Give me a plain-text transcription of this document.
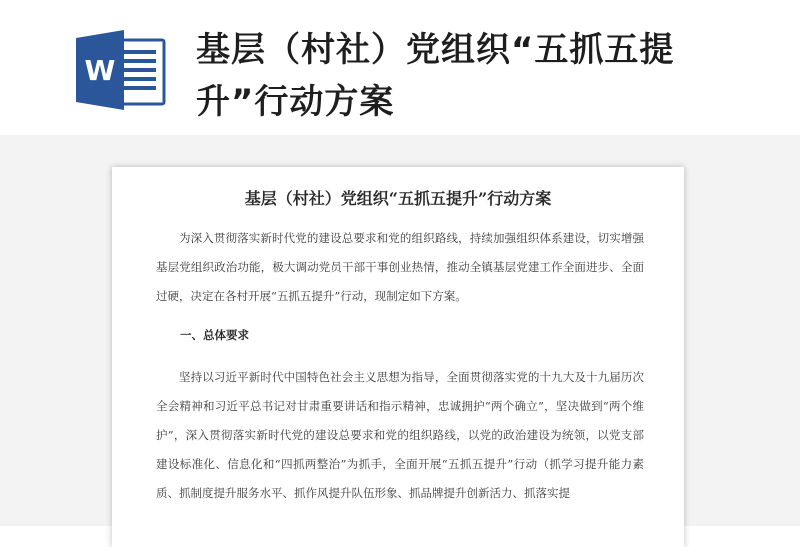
W
基层（村社）党组织“五抓五提升”行动方案
基层（村社）党组织“五抓五提升”行动方案

为深入贯彻落实新时代党的建设总要求和党的组织路线，持续加强组织体系建设，切实增强基层党组织政治功能，极大调动党员干部干事创业热情，推动全镇基层党建工作全面进步、全面过硬，决定在各村开展“五抓五提升”行动，现制定如下方案。

一、总体要求

坚持以习近平新时代中国特色社会主义思想为指导，全面贯彻落实党的十九大及十九届历次全会精神和习近平总书记对甘肃重要讲话和指示精神，忠诚拥护“两个确立”，坚决做到“两个维护”，深入贯彻落实新时代党的建设总要求和党的组织路线，以党的政治建设为统领，以党支部建设标准化、信息化和“四抓两整治”为抓手，全面开展“五抓五提升”行动（抓学习提升能力素质、抓制度提升服务水平、抓作风提升队伍形象、抓品牌提升创新活力、抓落实提
